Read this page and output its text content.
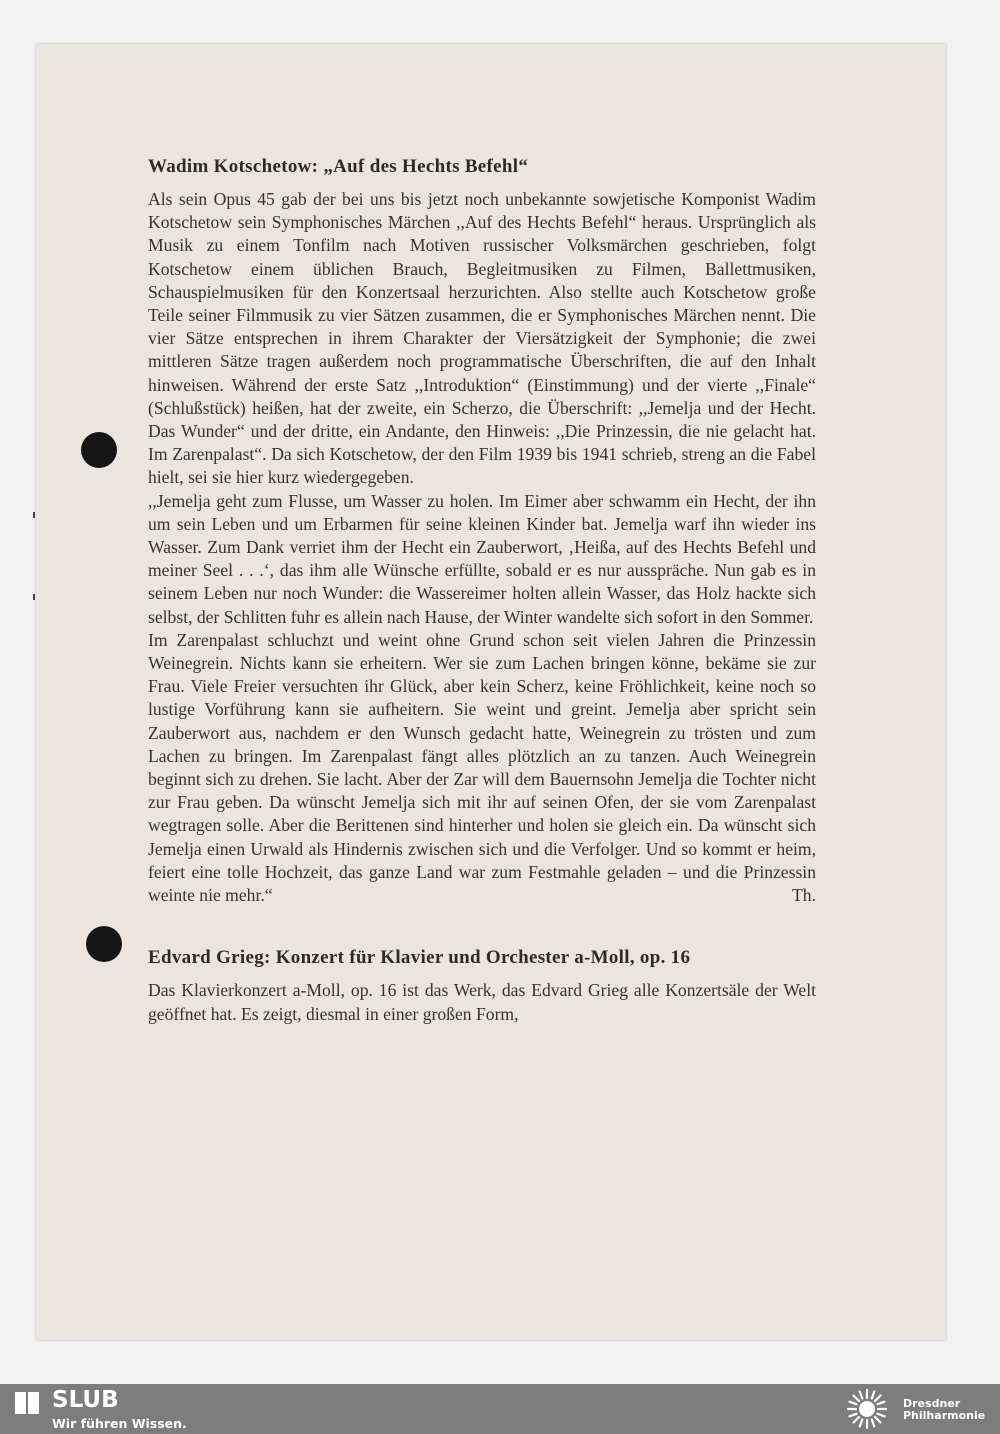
Wadim Kotschetow: „Auf des Hechts Befehl“

Als sein Opus 45 gab der bei uns bis jetzt noch unbekannte sowjetische Komponist Wadim Kotschetow sein Symphonisches Märchen ,,Auf des Hechts Befehl“ heraus. Ursprünglich als Musik zu einem Tonfilm nach Motiven russischer Volksmärchen geschrieben, folgt Kotschetow einem üblichen Brauch, Begleitmusiken zu Filmen, Ballettmusiken, Schauspielmusiken für den Konzertsaal herzurichten. Also stellte auch Kotschetow große Teile seiner Filmmusik zu vier Sätzen zusammen, die er Symphonisches Märchen nennt. Die vier Sätze entsprechen in ihrem Charakter der Viersätzigkeit der Symphonie; die zwei mittleren Sätze tragen außerdem noch programmatische Überschriften, die auf den Inhalt hinweisen. Während der erste Satz ,,Introduktion“ (Einstimmung) und der vierte ,,Finale“ (Schlußstück) heißen, hat der zweite, ein Scherzo, die Überschrift: ,,Jemelja und der Hecht. Das Wunder“ und der dritte, ein Andante, den Hinweis: ,,Die Prinzessin, die nie gelacht hat. Im Zarenpalast“. Da sich Kotschetow, der den Film 1939 bis 1941 schrieb, streng an die Fabel hielt, sei sie hier kurz wiedergegeben.

,,Jemelja geht zum Flusse, um Wasser zu holen. Im Eimer aber schwamm ein Hecht, der ihn um sein Leben und um Erbarmen für seine kleinen Kinder bat. Jemelja warf ihn wieder ins Wasser. Zum Dank verriet ihm der Hecht ein Zauberwort, ‚Heißa, auf des Hechts Befehl und meiner Seel . . .‘, das ihm alle Wünsche erfüllte, sobald er es nur ausspräche. Nun gab es in seinem Leben nur noch Wunder: die Wassereimer holten allein Wasser, das Holz hackte sich selbst, der Schlitten fuhr es allein nach Hause, der Winter wandelte sich sofort in den Sommer.

Im Zarenpalast schluchzt und weint ohne Grund schon seit vielen Jahren die Prinzessin Weinegrein. Nichts kann sie erheitern. Wer sie zum Lachen bringen könne, bekäme sie zur Frau. Viele Freier versuchten ihr Glück, aber kein Scherz, keine Fröhlichkeit, keine noch so lustige Vorführung kann sie aufheitern. Sie weint und greint. Jemelja aber spricht sein Zauberwort aus, nachdem er den Wunsch gedacht hatte, Weinegrein zu trösten und zum Lachen zu bringen. Im Zarenpalast fängt alles plötzlich an zu tanzen. Auch Weinegrein beginnt sich zu drehen. Sie lacht. Aber der Zar will dem Bauernsohn Jemelja die Tochter nicht zur Frau geben. Da wünscht Jemelja sich mit ihr auf seinen Ofen, der sie vom Zarenpalast wegtragen solle. Aber die Berittenen sind hinterher und holen sie gleich ein. Da wünscht sich Jemelja einen Urwald als Hindernis zwischen sich und die Verfolger. Und so kommt er heim, feiert eine tolle Hochzeit, das ganze Land war zum Festmahle geladen – und die Prinzessin weinte nie mehr.“	Th.
Edvard Grieg: Konzert für Klavier und Orchester a-Moll, op. 16

Das Klavierkonzert a-Moll, op. 16 ist das Werk, das Edvard Grieg alle Konzertsäle der Welt geöffnet hat. Es zeigt, diesmal in einer großen Form,

SLUB
Wir führen Wissen.
Dresdner
Philharmonie
